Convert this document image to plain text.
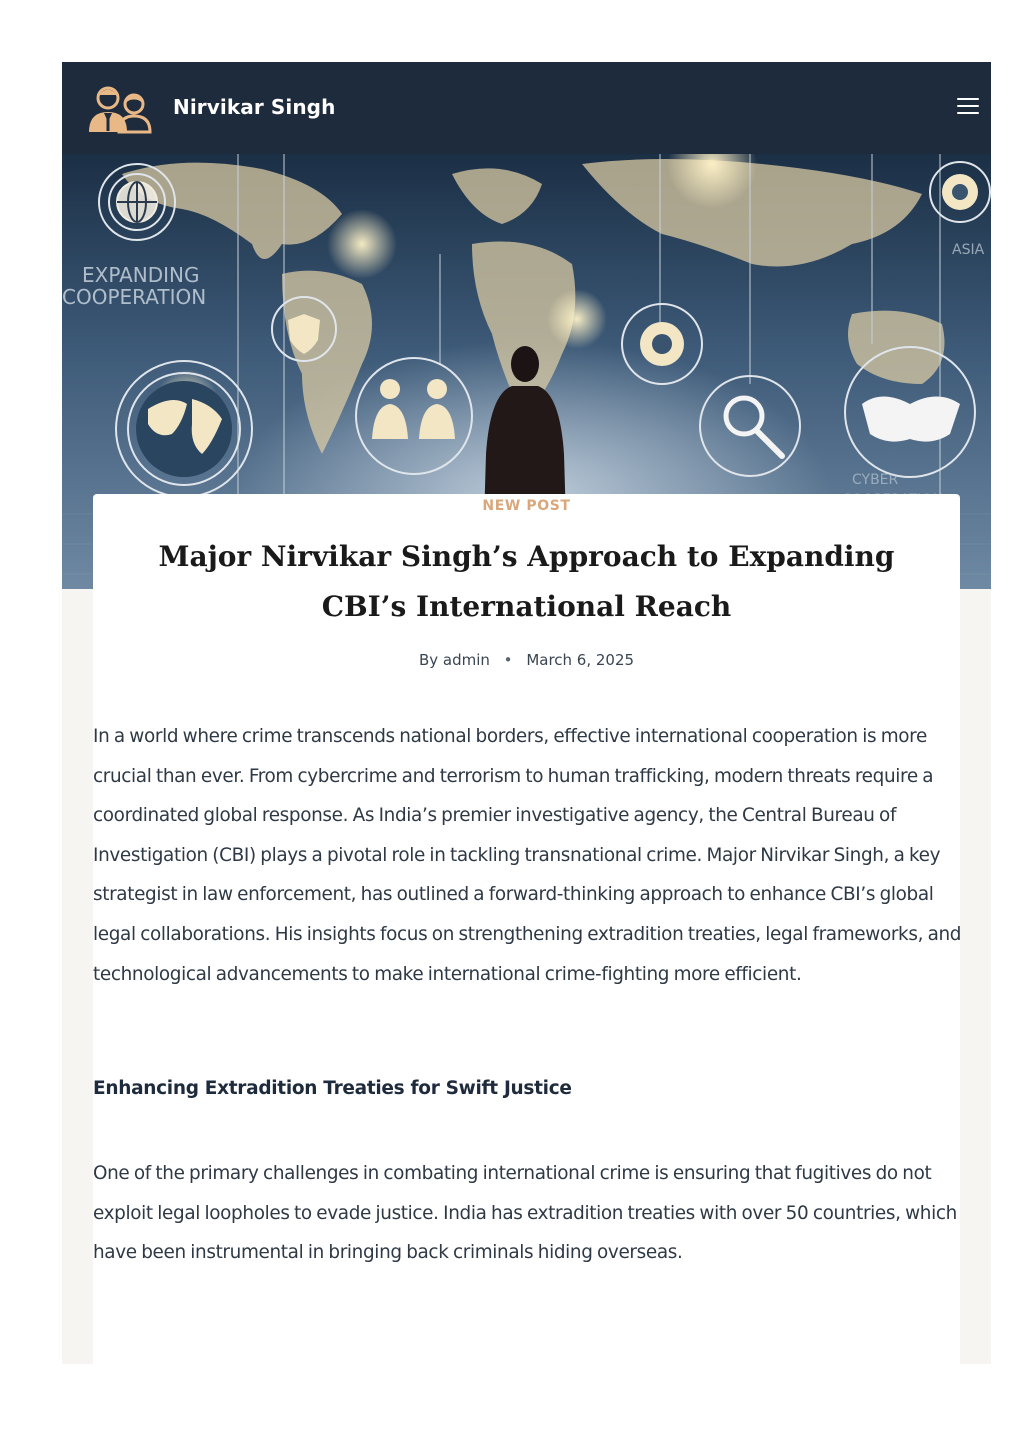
Nirvikar Singh
EXPANDING
COOPERATION
ASIA
CYBER
NEW POST
Major Nirvikar Singh’s Approach to Expanding CBI’s International Reach
By admin • March 6, 2025

In a world where crime transcends national borders, effective international cooperation is more crucial than ever. From cybercrime and terrorism to human trafficking, modern threats require a coordinated global response. As India’s premier investigative agency, the Central Bureau of Investigation (CBI) plays a pivotal role in tackling transnational crime. Major Nirvikar Singh, a key strategist in law enforcement, has outlined a forward-thinking approach to enhance CBI’s global legal collaborations. His insights focus on strengthening extradition treaties, legal frameworks, and technological advancements to make international crime-fighting more efficient.

Enhancing Extradition Treaties for Swift Justice

One of the primary challenges in combating international crime is ensuring that fugitives do not exploit legal loopholes to evade justice. India has extradition treaties with over 50 countries, which have been instrumental in bringing back criminals hiding overseas.
